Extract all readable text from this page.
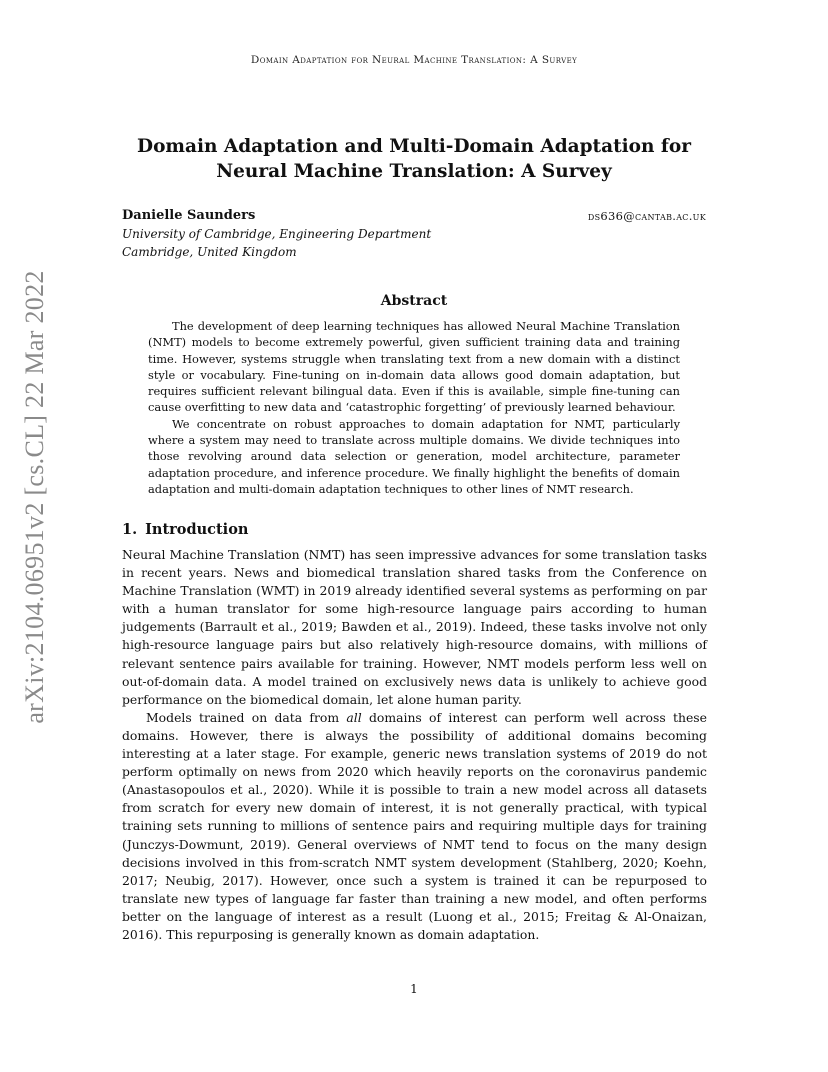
Domain Adaptation for Neural Machine Translation: A Survey
arXiv:2104.06951v2 [cs.CL] 22 Mar 2022
Domain Adaptation and Multi-Domain Adaptation for
Neural Machine Translation: A Survey
Danielle Saunders	ds636@cantab.ac.uk
University of Cambridge, Engineering Department
Cambridge, United Kingdom
Abstract

The development of deep learning techniques has allowed Neural Machine Translation (NMT) models to become extremely powerful, given sufficient training data and training time. However, systems struggle when translating text from a new domain with a distinct style or vocabulary. Fine-tuning on in-domain data allows good domain adaptation, but requires sufficient relevant bilingual data. Even if this is available, simple fine-tuning can cause overfitting to new data and ‘catastrophic forgetting’ of previously learned behaviour.

We concentrate on robust approaches to domain adaptation for NMT, particularly where a system may need to translate across multiple domains. We divide techniques into those revolving around data selection or generation, model architecture, parameter adaptation procedure, and inference procedure. We finally highlight the benefits of domain adaptation and multi-domain adaptation techniques to other lines of NMT research.

1. Introduction

Neural Machine Translation (NMT) has seen impressive advances for some translation tasks in recent years. News and biomedical translation shared tasks from the Conference on Machine Translation (WMT) in 2019 already identified several systems as performing on par with a human translator for some high-resource language pairs according to human judgements (Barrault et al., 2019; Bawden et al., 2019). Indeed, these tasks involve not only high-resource language pairs but also relatively high-resource domains, with millions of relevant sentence pairs available for training. However, NMT models perform less well on out-of-domain data. A model trained on exclusively news data is unlikely to achieve good performance on the biomedical domain, let alone human parity.

Models trained on data from all domains of interest can perform well across these domains. However, there is always the possibility of additional domains becoming interesting at a later stage. For example, generic news translation systems of 2019 do not perform optimally on news from 2020 which heavily reports on the coronavirus pandemic (Anastasopoulos et al., 2020). While it is possible to train a new model across all datasets from scratch for every new domain of interest, it is not generally practical, with typical training sets running to millions of sentence pairs and requiring multiple days for training (Junczys-Dowmunt, 2019). General overviews of NMT tend to focus on the many design decisions involved in this from-scratch NMT system development (Stahlberg, 2020; Koehn, 2017; Neubig, 2017). However, once such a system is trained it can be repurposed to translate new types of language far faster than training a new model, and often performs better on the language of interest as a result (Luong et al., 2015; Freitag & Al-Onaizan, 2016). This repurposing is generally known as domain adaptation.

1
